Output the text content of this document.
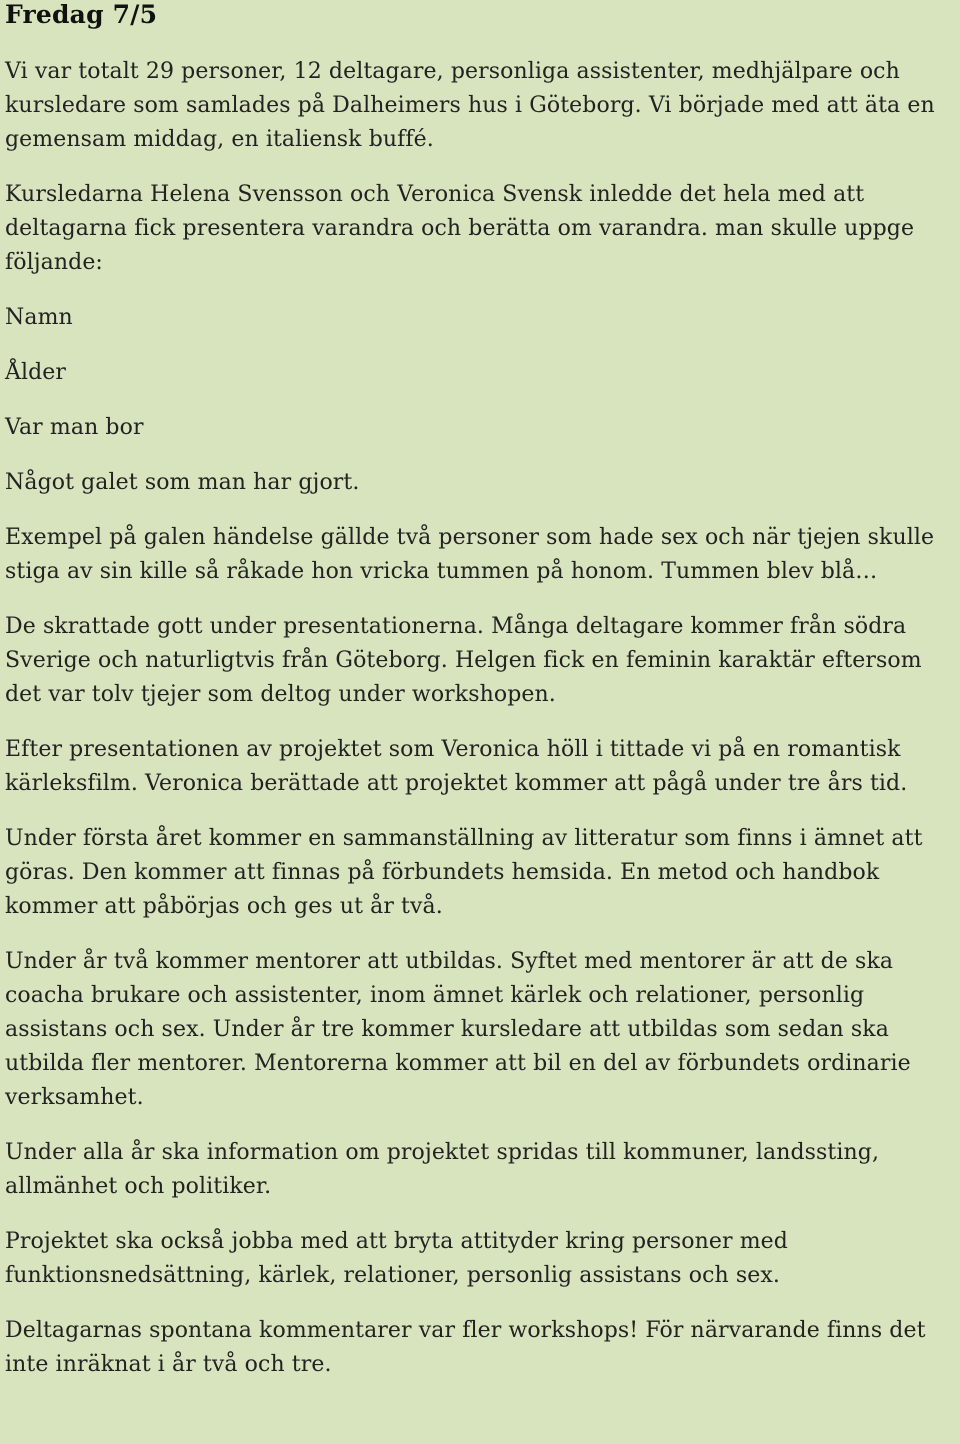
Fredag 7/5

Vi var totalt 29 personer, 12 deltagare, personliga assistenter, medhjälpare och kursledare som samlades på Dalheimers hus i Göteborg. Vi började med att äta en gemensam middag, en italiensk buffé.

Kursledarna Helena Svensson och Veronica Svensk inledde det hela med att deltagarna fick presentera varandra och berätta om varandra. man skulle uppge följande:

Namn

Ålder

Var man bor

Något galet som man har gjort.

Exempel på galen händelse gällde två personer som hade sex och när tjejen skulle stiga av sin kille så råkade hon vricka tummen på honom. Tummen blev blå…

De skrattade gott under presentationerna. Många deltagare kommer från södra Sverige och naturligtvis från Göteborg. Helgen fick en feminin karaktär eftersom det var tolv tjejer som deltog under workshopen.

Efter presentationen av projektet som Veronica höll i tittade vi på en romantisk kärleksfilm. Veronica berättade att projektet kommer att pågå under tre års tid.

Under första året kommer en sammanställning av litteratur som finns i ämnet att göras. Den kommer att finnas på förbundets hemsida. En metod och handbok kommer att påbörjas och ges ut år två.

Under år två kommer mentorer att utbildas. Syftet med mentorer är att de ska coacha brukare och assistenter, inom ämnet kärlek och relationer, personlig assistans och sex. Under år tre kommer kursledare att utbildas som sedan ska utbilda fler mentorer. Mentorerna kommer att bil en del av förbundets ordinarie verksamhet.

Under alla år ska information om projektet spridas till kommuner, landssting, allmänhet och politiker.

Projektet ska också jobba med att bryta attityder kring personer med funktionsnedsättning, kärlek, relationer, personlig assistans och sex.

Deltagarnas spontana kommentarer var fler workshops! För närvarande finns det inte inräknat i år två och tre.
